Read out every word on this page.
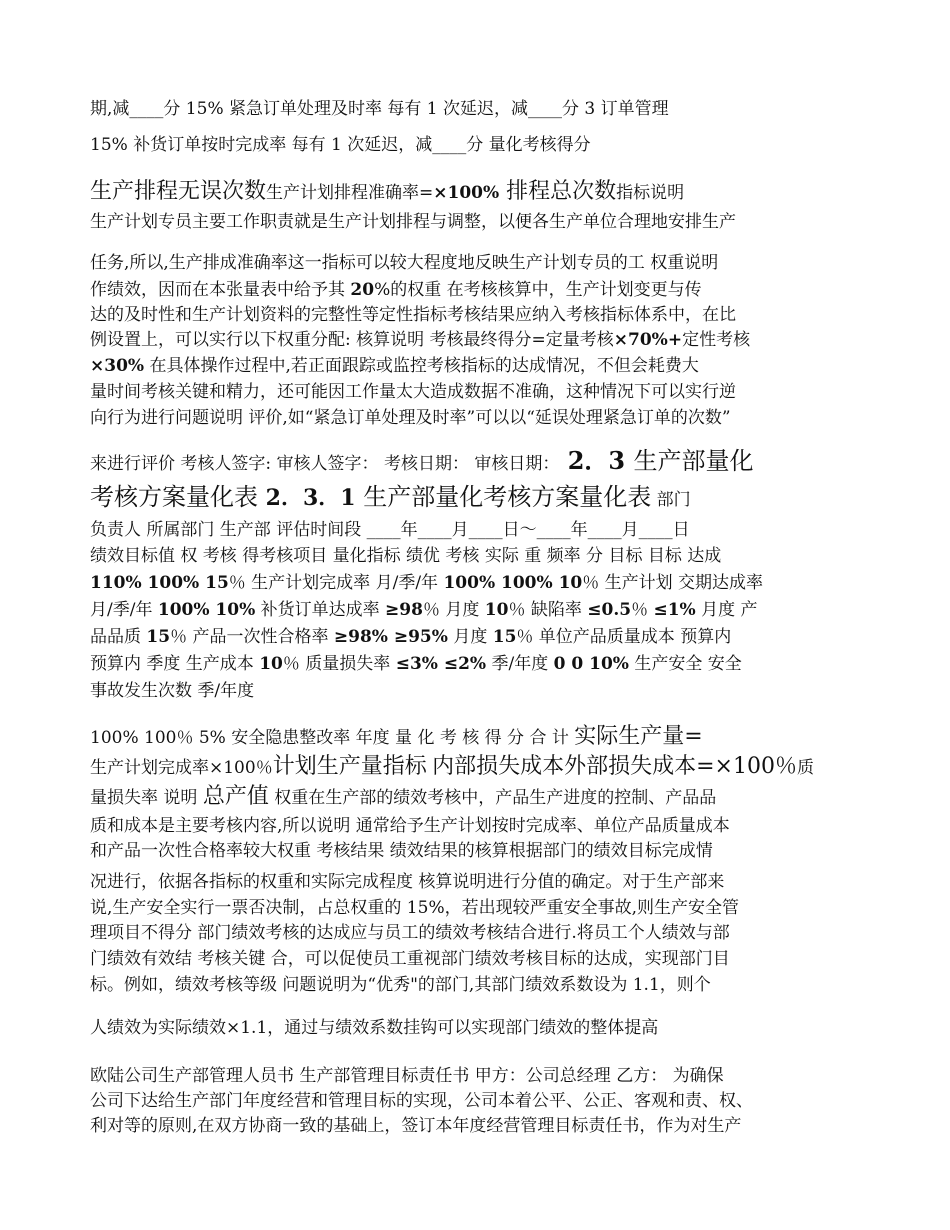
期,减____分 15% 紧急订单处理及时率 每有 1 次延迟，减____分 3 订单管理
15% 补货订单按时完成率 每有 1 次延迟，减____分 量化考核得分
生产排程无误次数生产计划排程准确率=×100% 排程总次数指标说明
生产计划专员主要工作职责就是生产计划排程与调整，以便各生产单位合理地安排生产
任务,所以,生产排成准确率这一指标可以较大程度地反映生产计划专员的工 权重说明
作绩效，因而在本张量表中给予其 20%的权重 在考核核算中，生产计划变更与传
达的及时性和生产计划资料的完整性等定性指标考核结果应纳入考核指标体系中，在比
例设置上，可以实行以下权重分配: 核算说明 考核最终得分=定量考核×70%+定性考核
×30% 在具体操作过程中,若正面跟踪或监控考核指标的达成情况，不但会耗费大
量时间考核关键和精力，还可能因工作量太大造成数据不准确，这种情况下可以实行逆
向行为进行问题说明 评价,如“紧急订单处理及时率”可以以“延误处理紧急订单的次数”
来进行评价 考核人签字: 审核人签字： 考核日期： 审核日期： 2．3 生产部量化
考核方案量化表 2．3．1 生产部量化考核方案量化表 部门
负责人 所属部门 生产部 评估时间段 ____年____月____日～____年____月____日
绩效目标值 权 考核 得考核项目 量化指标 绩优 考核 实际 重 频率 分 目标 目标 达成
110% 100% 15％ 生产计划完成率 月/季/年 100% 100% 10％ 生产计划 交期达成率
月/季/年 100% 10% 补货订单达成率 ≥98％ 月度 10％ 缺陷率 ≤0.5％ ≤1% 月度 产
品品质 15％ 产品一次性合格率 ≥98% ≥95% 月度 15％ 单位产品质量成本 预算内
预算内 季度 生产成本 10％ 质量损失率 ≤3% ≤2% 季/年度 0 0 10% 生产安全 安全
事故发生次数 季/年度
100% 100％ 5% 安全隐患整改率 年度 量 化 考 核 得 分 合 计 实际生产量=
生产计划完成率×100％计划生产量指标 内部损失成本外部损失成本=×100％质
量损失率 说明 总产值 权重在生产部的绩效考核中，产品生产进度的控制、产品品
质和成本是主要考核内容,所以说明 通常给予生产计划按时完成率、单位产品质量成本
和产品一次性合格率较大权重 考核结果 绩效结果的核算根据部门的绩效目标完成情
况进行，依据各指标的权重和实际完成程度 核算说明进行分值的确定。对于生产部来
说,生产安全实行一票否决制，占总权重的 15%，若出现较严重安全事故,则生产安全管
理项目不得分 部门绩效考核的达成应与员工的绩效考核结合进行.将员工个人绩效与部
门绩效有效结 考核关键 合，可以促使员工重视部门绩效考核目标的达成，实现部门目
标。例如，绩效考核等级 问题说明为“优秀"的部门,其部门绩效系数设为 1.1，则个
人绩效为实际绩效×1.1，通过与绩效系数挂钩可以实现部门绩效的整体提高
欧陆公司生产部管理人员书 生产部管理目标责任书 甲方：公司总经理 乙方： 为确保
公司下达给生产部门年度经营和管理目标的实现，公司本着公平、公正、客观和责、权、
利对等的原则,在双方协商一致的基础上，签订本年度经营管理目标责任书，作为对生产
